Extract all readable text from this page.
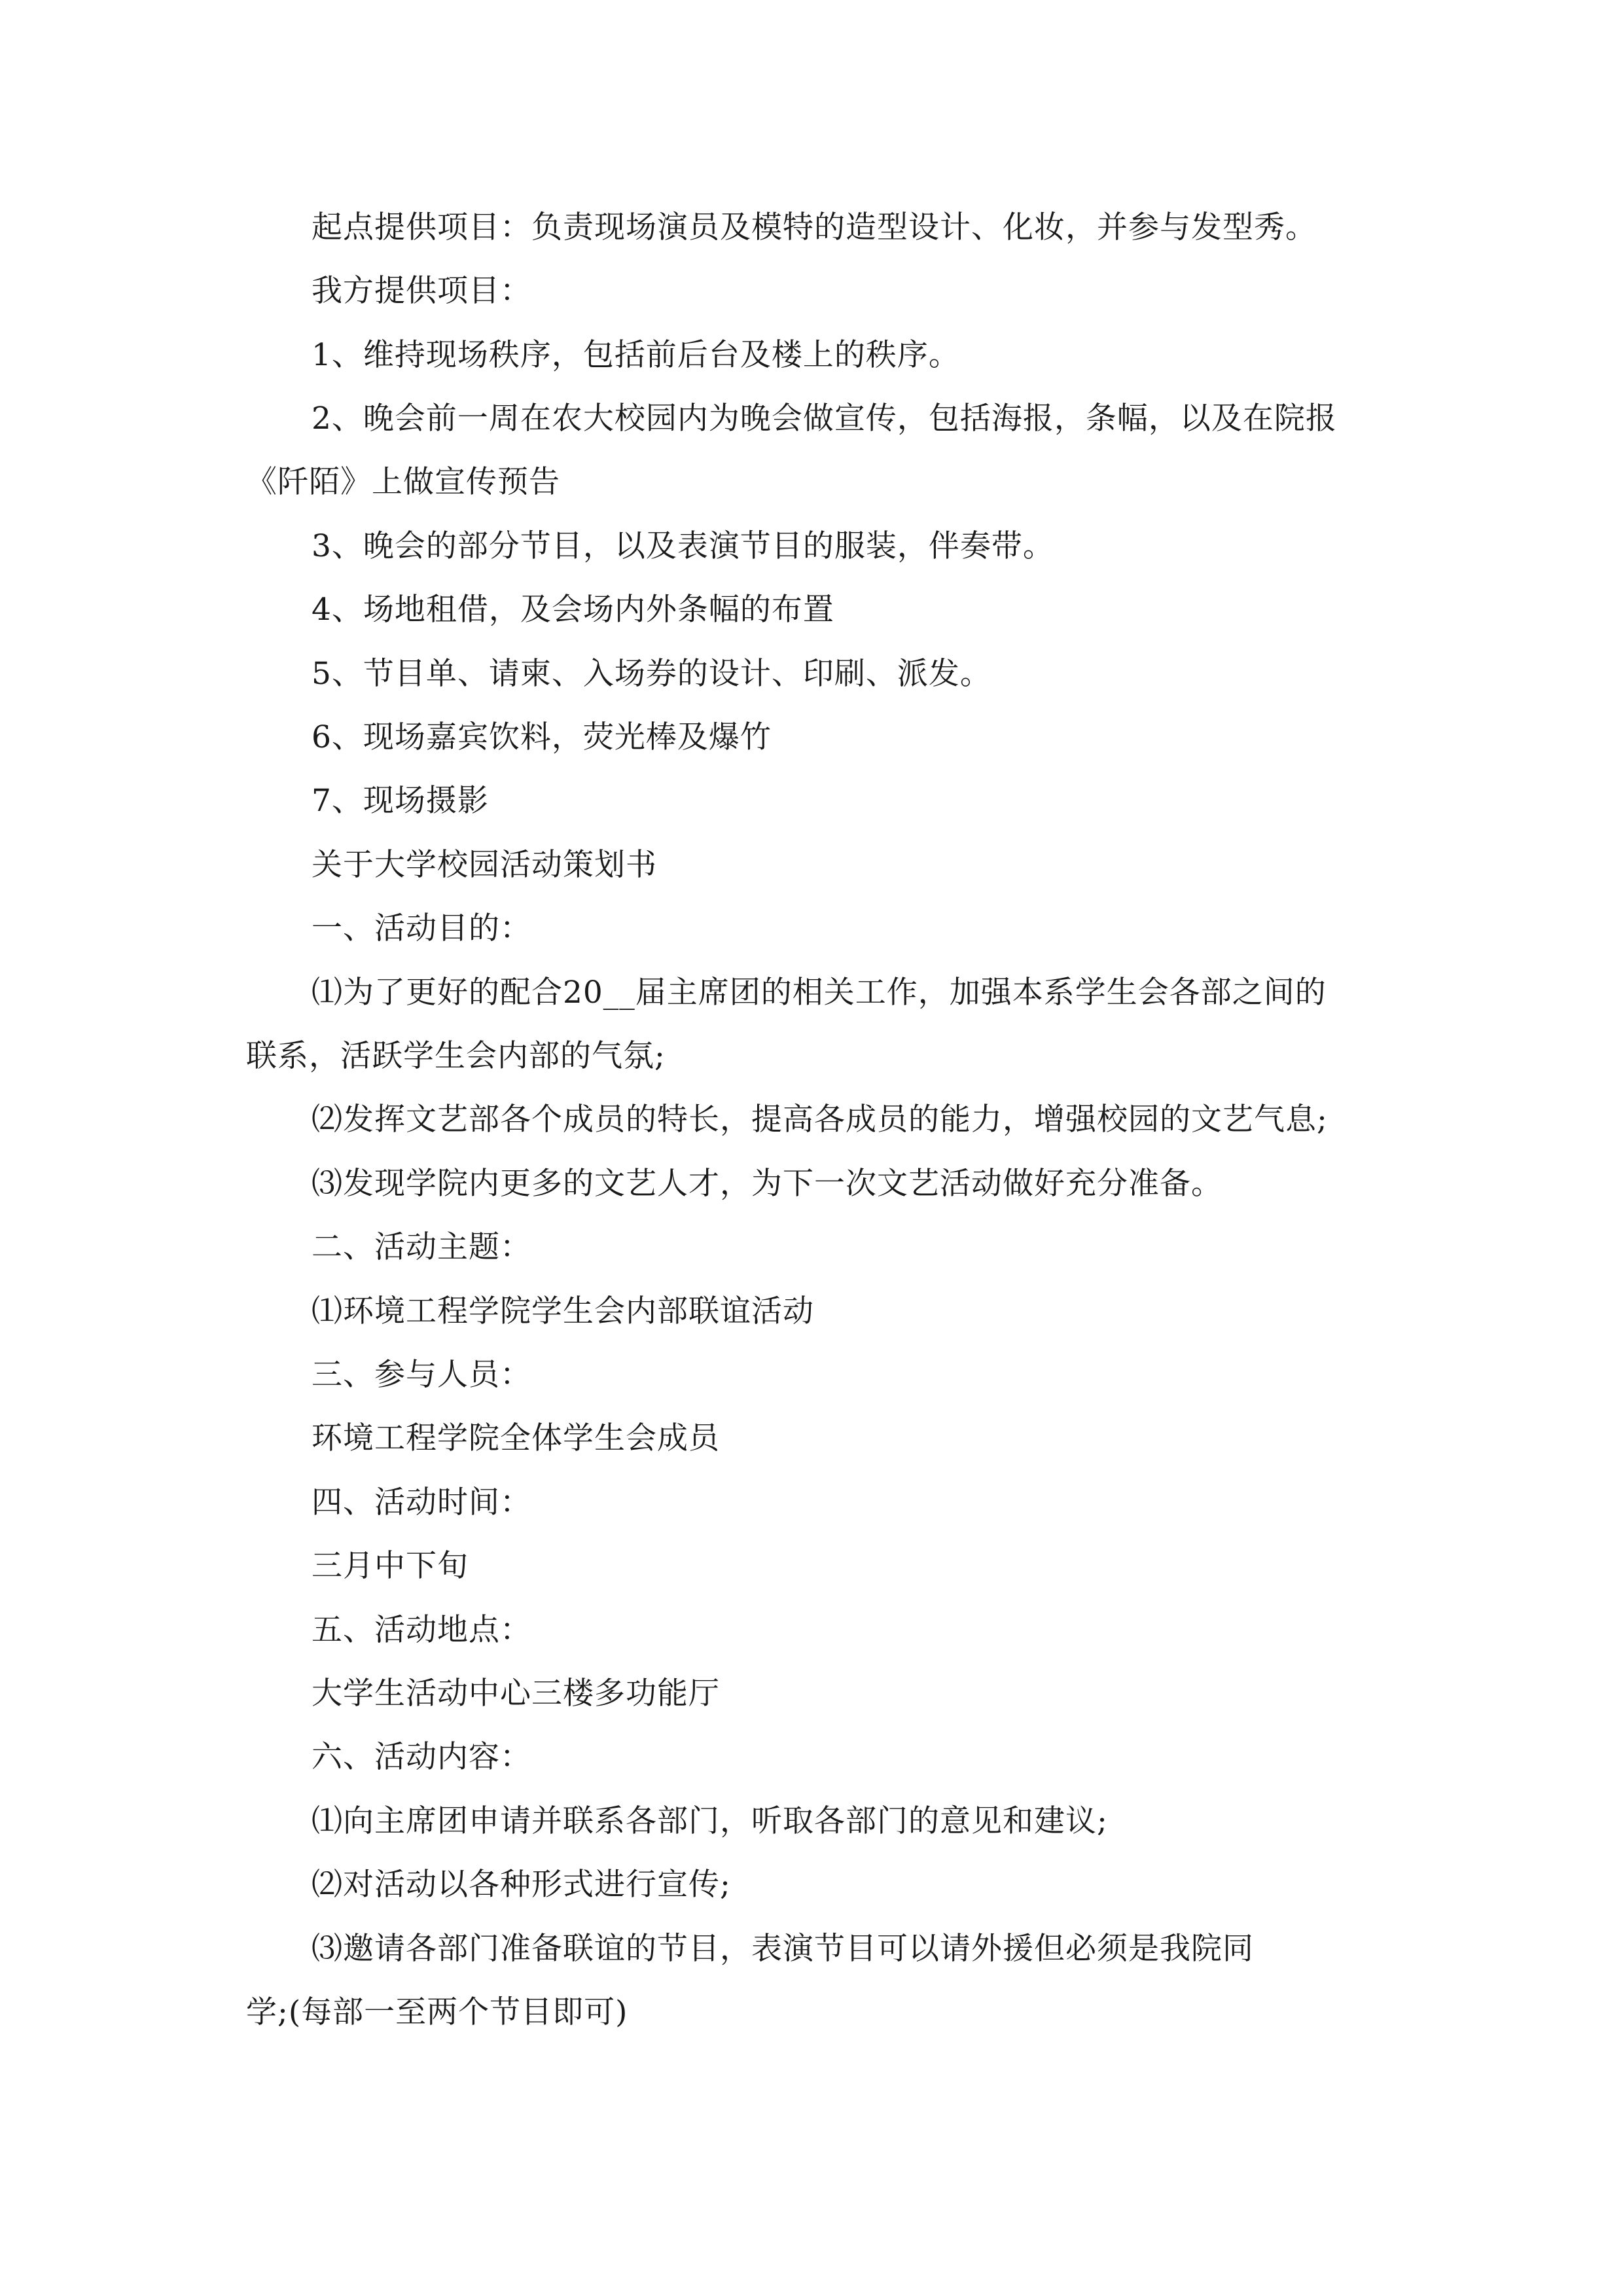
起点提供项目：负责现场演员及模特的造型设计、化妆，并参与发型秀。
我方提供项目：
1、维持现场秩序，包括前后台及楼上的秩序。
2、晚会前一周在农大校园内为晚会做宣传，包括海报，条幅，以及在院报
《阡陌》上做宣传预告
3、晚会的部分节目，以及表演节目的服装，伴奏带。
4、场地租借，及会场内外条幅的布置
5、节目单、请柬、入场券的设计、印刷、派发。
6、现场嘉宾饮料，荧光棒及爆竹
7、现场摄影
关于大学校园活动策划书
一、活动目的：
⑴为了更好的配合20__届主席团的相关工作，加强本系学生会各部之间的
联系，活跃学生会内部的气氛;
⑵发挥文艺部各个成员的特长，提高各成员的能力，增强校园的文艺气息;
⑶发现学院内更多的文艺人才，为下一次文艺活动做好充分准备。
二、活动主题：
⑴环境工程学院学生会内部联谊活动
三、参与人员：
环境工程学院全体学生会成员
四、活动时间：
三月中下旬
五、活动地点：
大学生活动中心三楼多功能厅
六、活动内容：
⑴向主席团申请并联系各部门，听取各部门的意见和建议;
⑵对活动以各种形式进行宣传;
⑶邀请各部门准备联谊的节目，表演节目可以请外援但必须是我院同
学;(每部一至两个节目即可)
